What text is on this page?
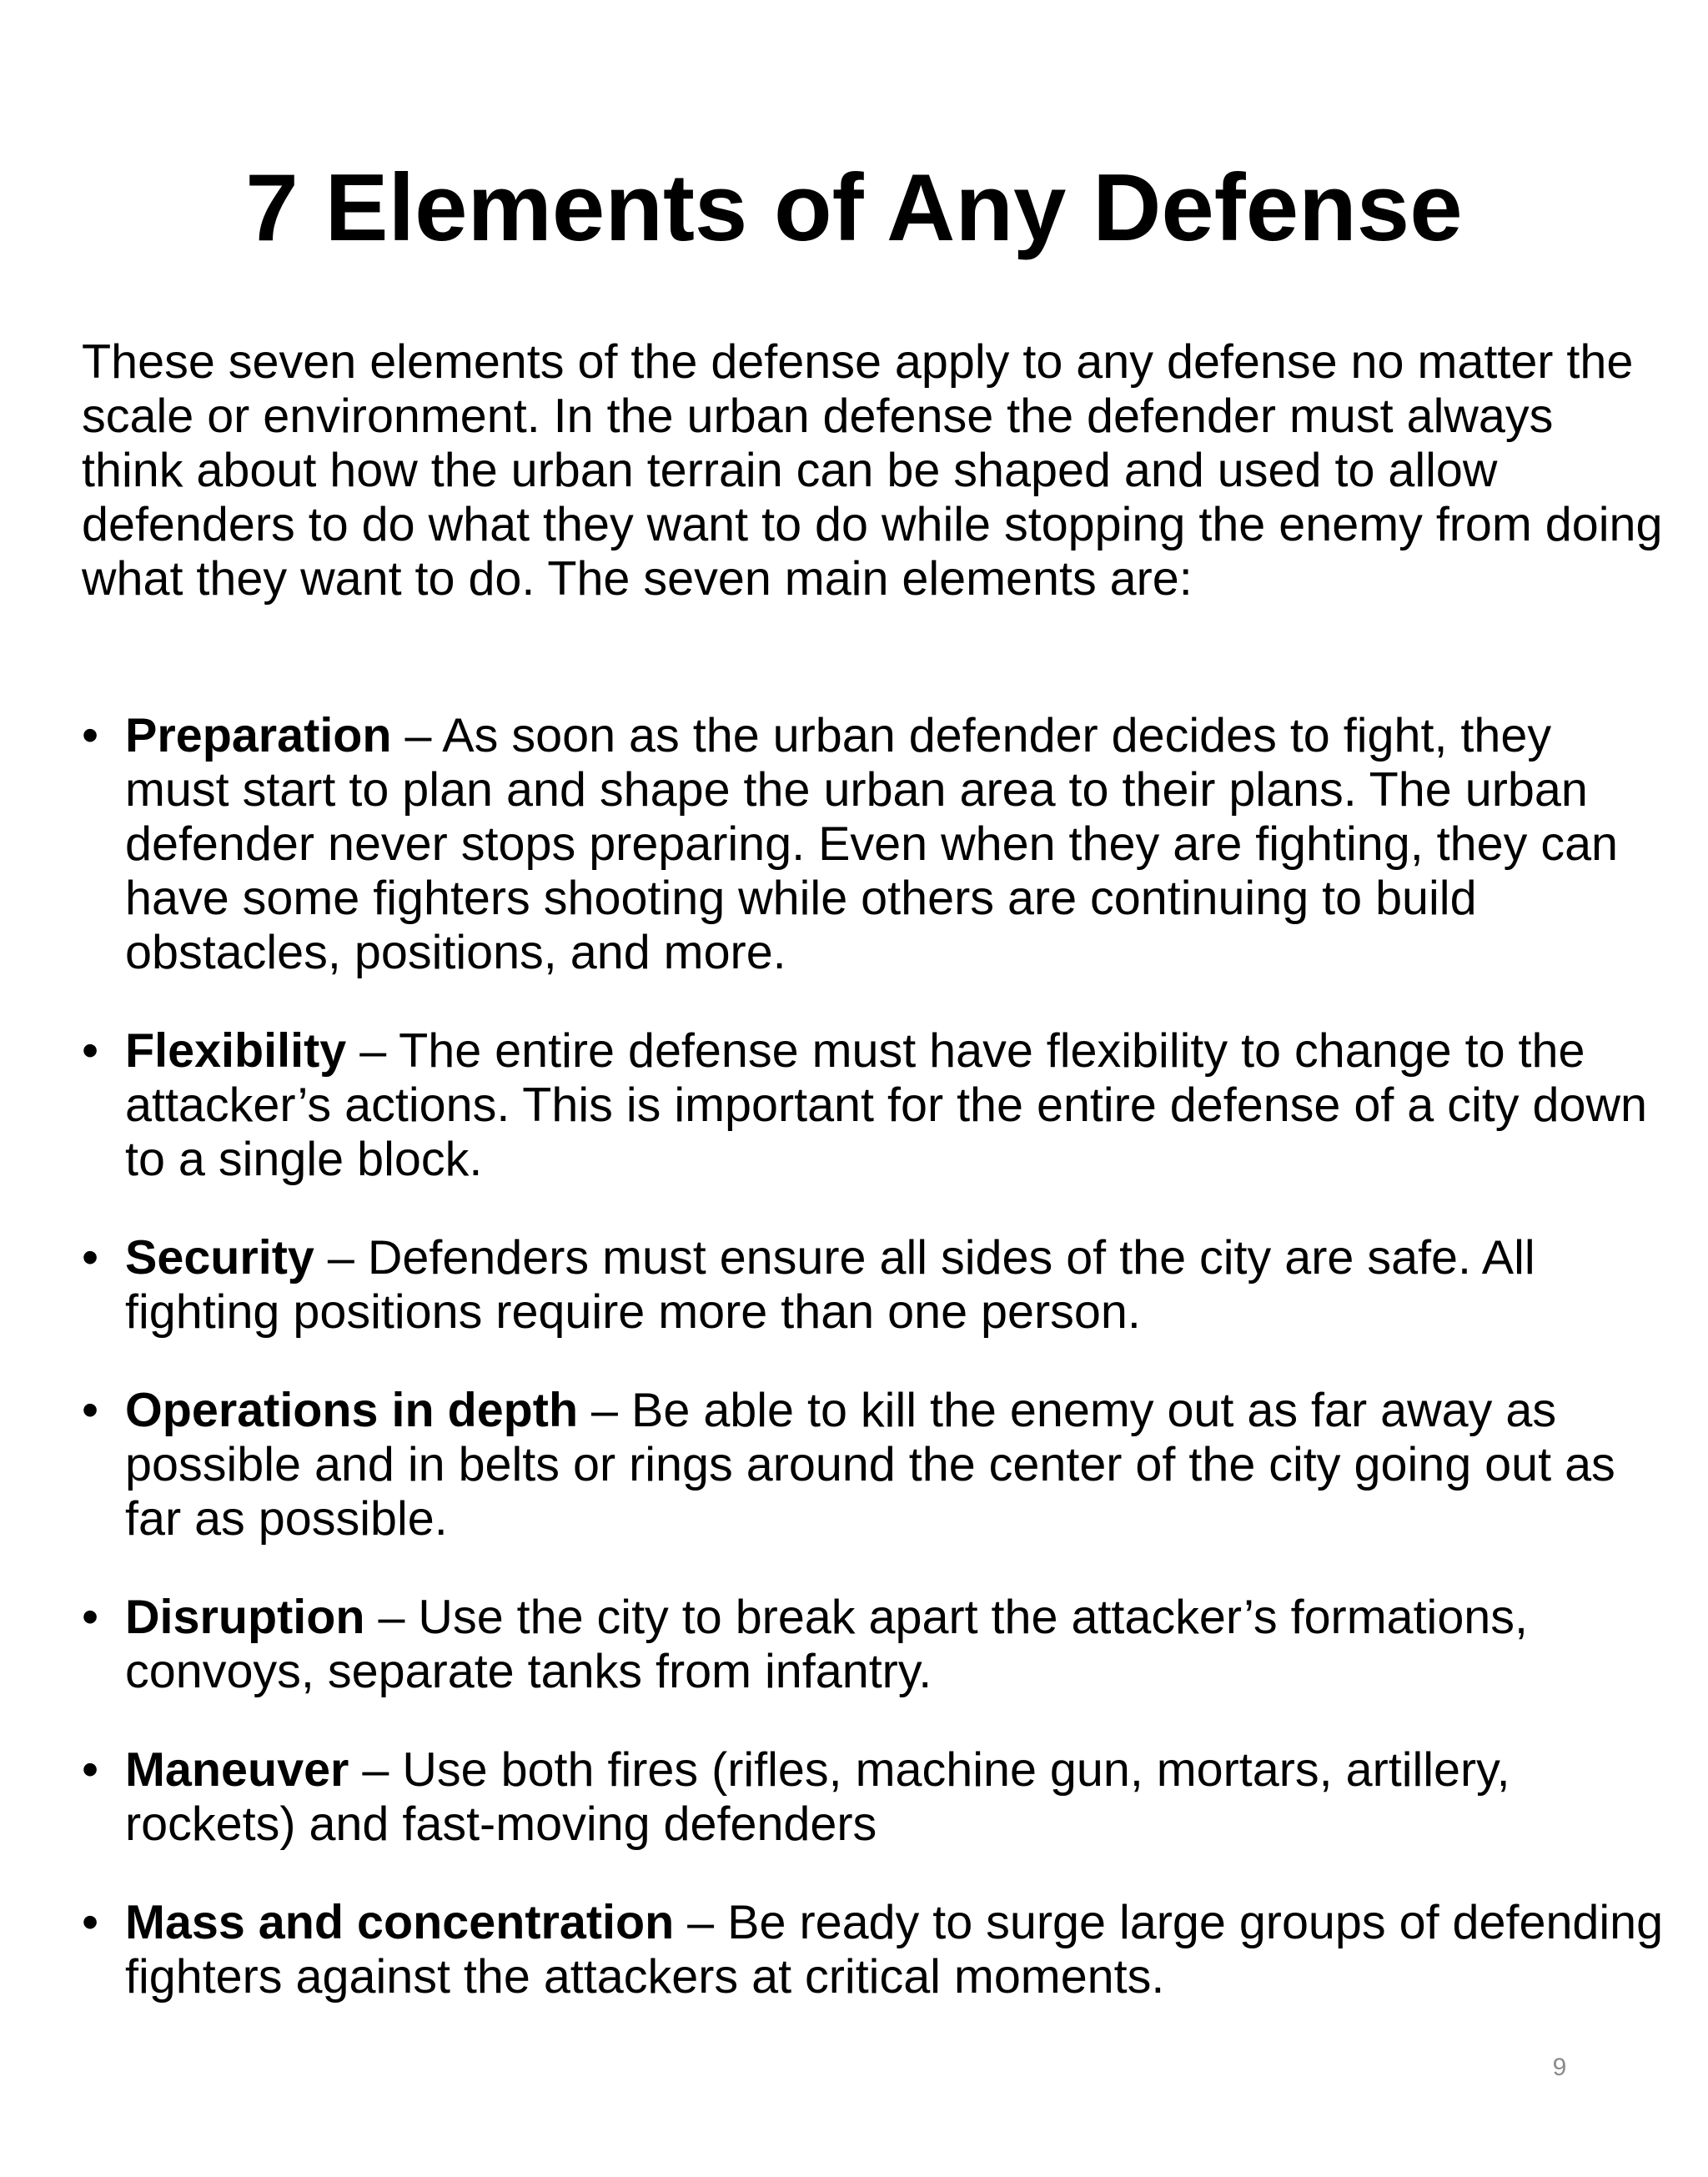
7 Elements of Any Defense

These seven elements of the defense apply to any defense no matter the scale or environment. In the urban defense the defender must always think about how the urban terrain can be shaped and used to allow defenders to do what they want to do while stopping the enemy from doing what they want to do. The seven main elements are:

• Preparation – As soon as the urban defender decides to fight, they must start to plan and shape the urban area to their plans. The urban defender never stops preparing. Even when they are fighting, they can have some fighters shooting while others are continuing to build obstacles, positions, and more.
• Flexibility – The entire defense must have flexibility to change to the attacker’s actions. This is important for the entire defense of a city down to a single block.
• Security – Defenders must ensure all sides of the city are safe. All fighting positions require more than one person.
• Operations in depth – Be able to kill the enemy out as far away as possible and in belts or rings around the center of the city going out as far as possible.
• Disruption – Use the city to break apart the attacker’s formations, convoys, separate tanks from infantry.
• Maneuver – Use both fires (rifles, machine gun, mortars, artillery, rockets) and fast-moving defenders
• Mass and concentration – Be ready to surge large groups of defending fighters against the attackers at critical moments.
9
